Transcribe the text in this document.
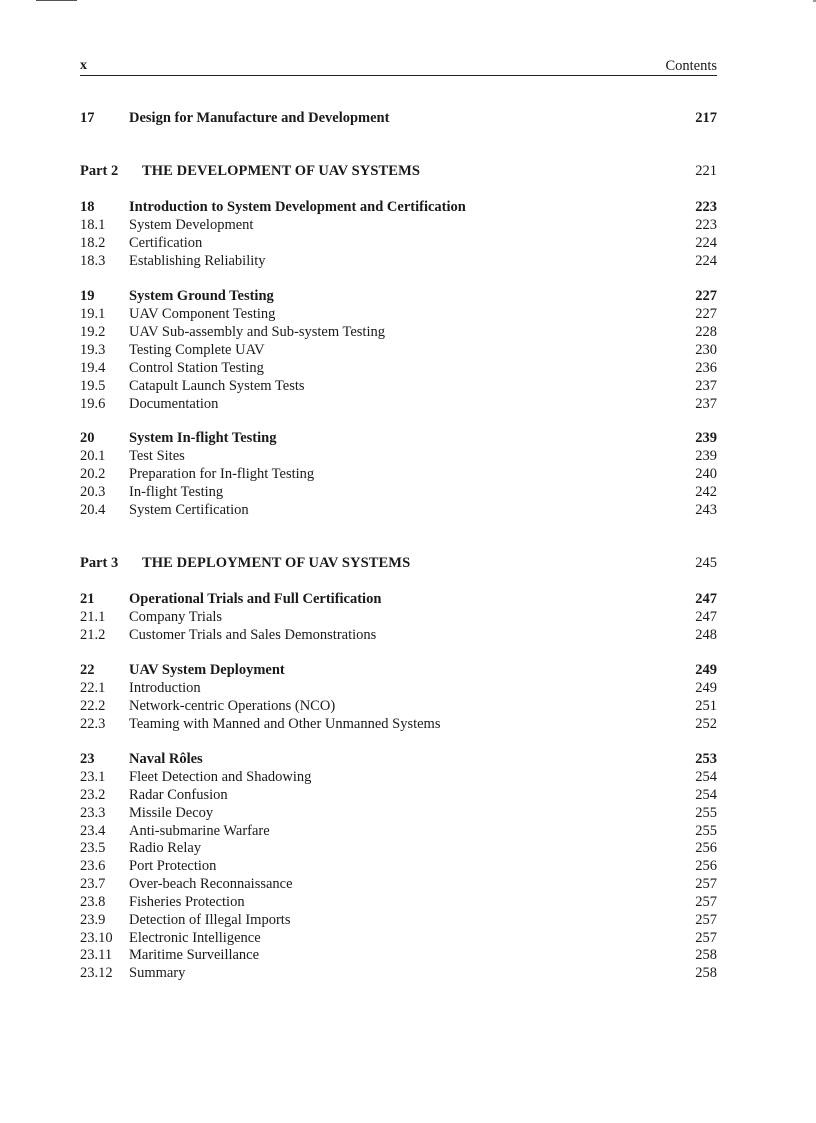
x	Contents
17 Design for Manufacture and Development	217
Part 2 THE DEVELOPMENT OF UAV SYSTEMS	221
18 Introduction to System Development and Certification	223
18.1 System Development	223
18.2 Certification	224
18.3 Establishing Reliability	224
19 System Ground Testing	227
19.1 UAV Component Testing	227
19.2 UAV Sub-assembly and Sub-system Testing	228
19.3 Testing Complete UAV	230
19.4 Control Station Testing	236
19.5 Catapult Launch System Tests	237
19.6 Documentation	237
20 System In-flight Testing	239
20.1 Test Sites	239
20.2 Preparation for In-flight Testing	240
20.3 In-flight Testing	242
20.4 System Certification	243
Part 3 THE DEPLOYMENT OF UAV SYSTEMS	245
21 Operational Trials and Full Certification	247
21.1 Company Trials	247
21.2 Customer Trials and Sales Demonstrations	248
22 UAV System Deployment	249
22.1 Introduction	249
22.2 Network-centric Operations (NCO)	251
22.3 Teaming with Manned and Other Unmanned Systems	252
23 Naval Rôles	253
23.1 Fleet Detection and Shadowing	254
23.2 Radar Confusion	254
23.3 Missile Decoy	255
23.4 Anti-submarine Warfare	255
23.5 Radio Relay	256
23.6 Port Protection	256
23.7 Over-beach Reconnaissance	257
23.8 Fisheries Protection	257
23.9 Detection of Illegal Imports	257
23.10 Electronic Intelligence	257
23.11 Maritime Surveillance	258
23.12 Summary	258
